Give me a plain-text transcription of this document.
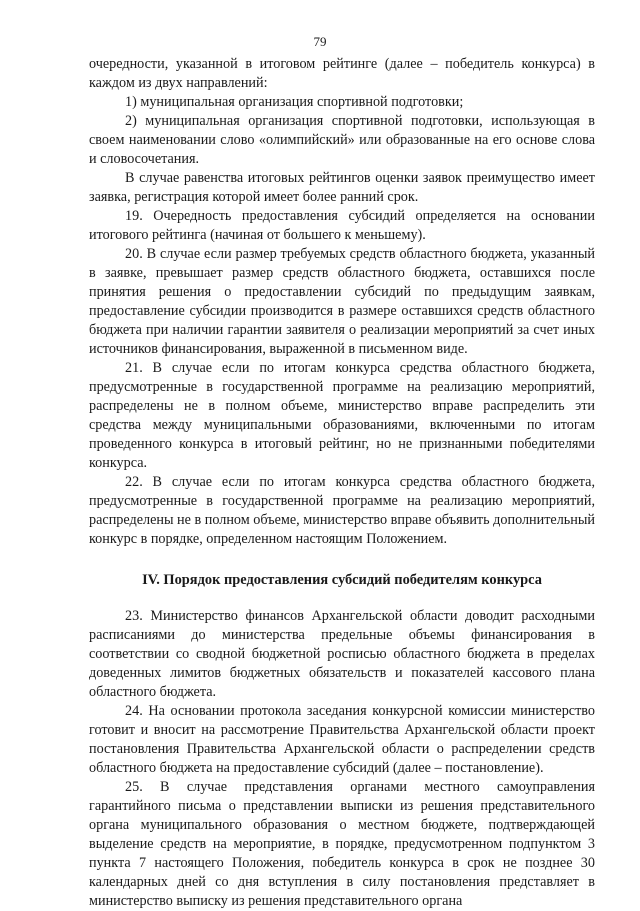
79

очередности, указанной в итоговом рейтинге (далее – победитель конкурса) в каждом из двух направлений:

1) муниципальная организация спортивной подготовки;

2) муниципальная организация спортивной подготовки, использующая в своем наименовании слово «олимпийский» или образованные на его основе слова и словосочетания.

В случае равенства итоговых рейтингов оценки заявок преимущество имеет заявка, регистрация которой имеет более ранний срок.

19. Очередность предоставления субсидий определяется на основании итогового рейтинга (начиная от большего к меньшему).

20. В случае если размер требуемых средств областного бюджета, указанный в заявке, превышает размер средств областного бюджета, оставшихся после принятия решения о предоставлении субсидий по предыдущим заявкам, предоставление субсидии производится в размере оставшихся средств областного бюджета при наличии гарантии заявителя о реализации мероприятий за счет иных источников финансирования, выраженной в письменном виде.

21. В случае если по итогам конкурса средства областного бюджета, предусмотренные в государственной программе на реализацию мероприятий, распределены не в полном объеме, министерство вправе распределить эти средства между муниципальными образованиями, включенными по итогам проведенного конкурса в итоговый рейтинг, но не признанными победителями конкурса.

22. В случае если по итогам конкурса средства областного бюджета, предусмотренные в государственной программе на реализацию мероприятий, распределены не в полном объеме, министерство вправе объявить дополнительный конкурс в порядке, определенном настоящим Положением.

IV. Порядок предоставления субсидий победителям конкурса

23. Министерство финансов Архангельской области доводит расходными расписаниями до министерства предельные объемы финансирования в соответствии со сводной бюджетной росписью областного бюджета в пределах доведенных лимитов бюджетных обязательств и показателей кассового плана областного бюджета.

24. На основании протокола заседания конкурсной комиссии министерство готовит и вносит на рассмотрение Правительства Архангельской области проект постановления Правительства Архангельской области о распределении средств областного бюджета на предоставление субсидий (далее – постановление).

25. В случае представления органами местного самоуправления гарантийного письма о представлении выписки из решения представительного органа муниципального образования о местном бюджете, подтверждающей выделение средств на мероприятие, в порядке, предусмотренном подпунктом 3 пункта 7 настоящего Положения, победитель конкурса в срок не позднее 30 календарных дней со дня вступления в силу постановления представляет в министерство выписку из решения представительного органа
